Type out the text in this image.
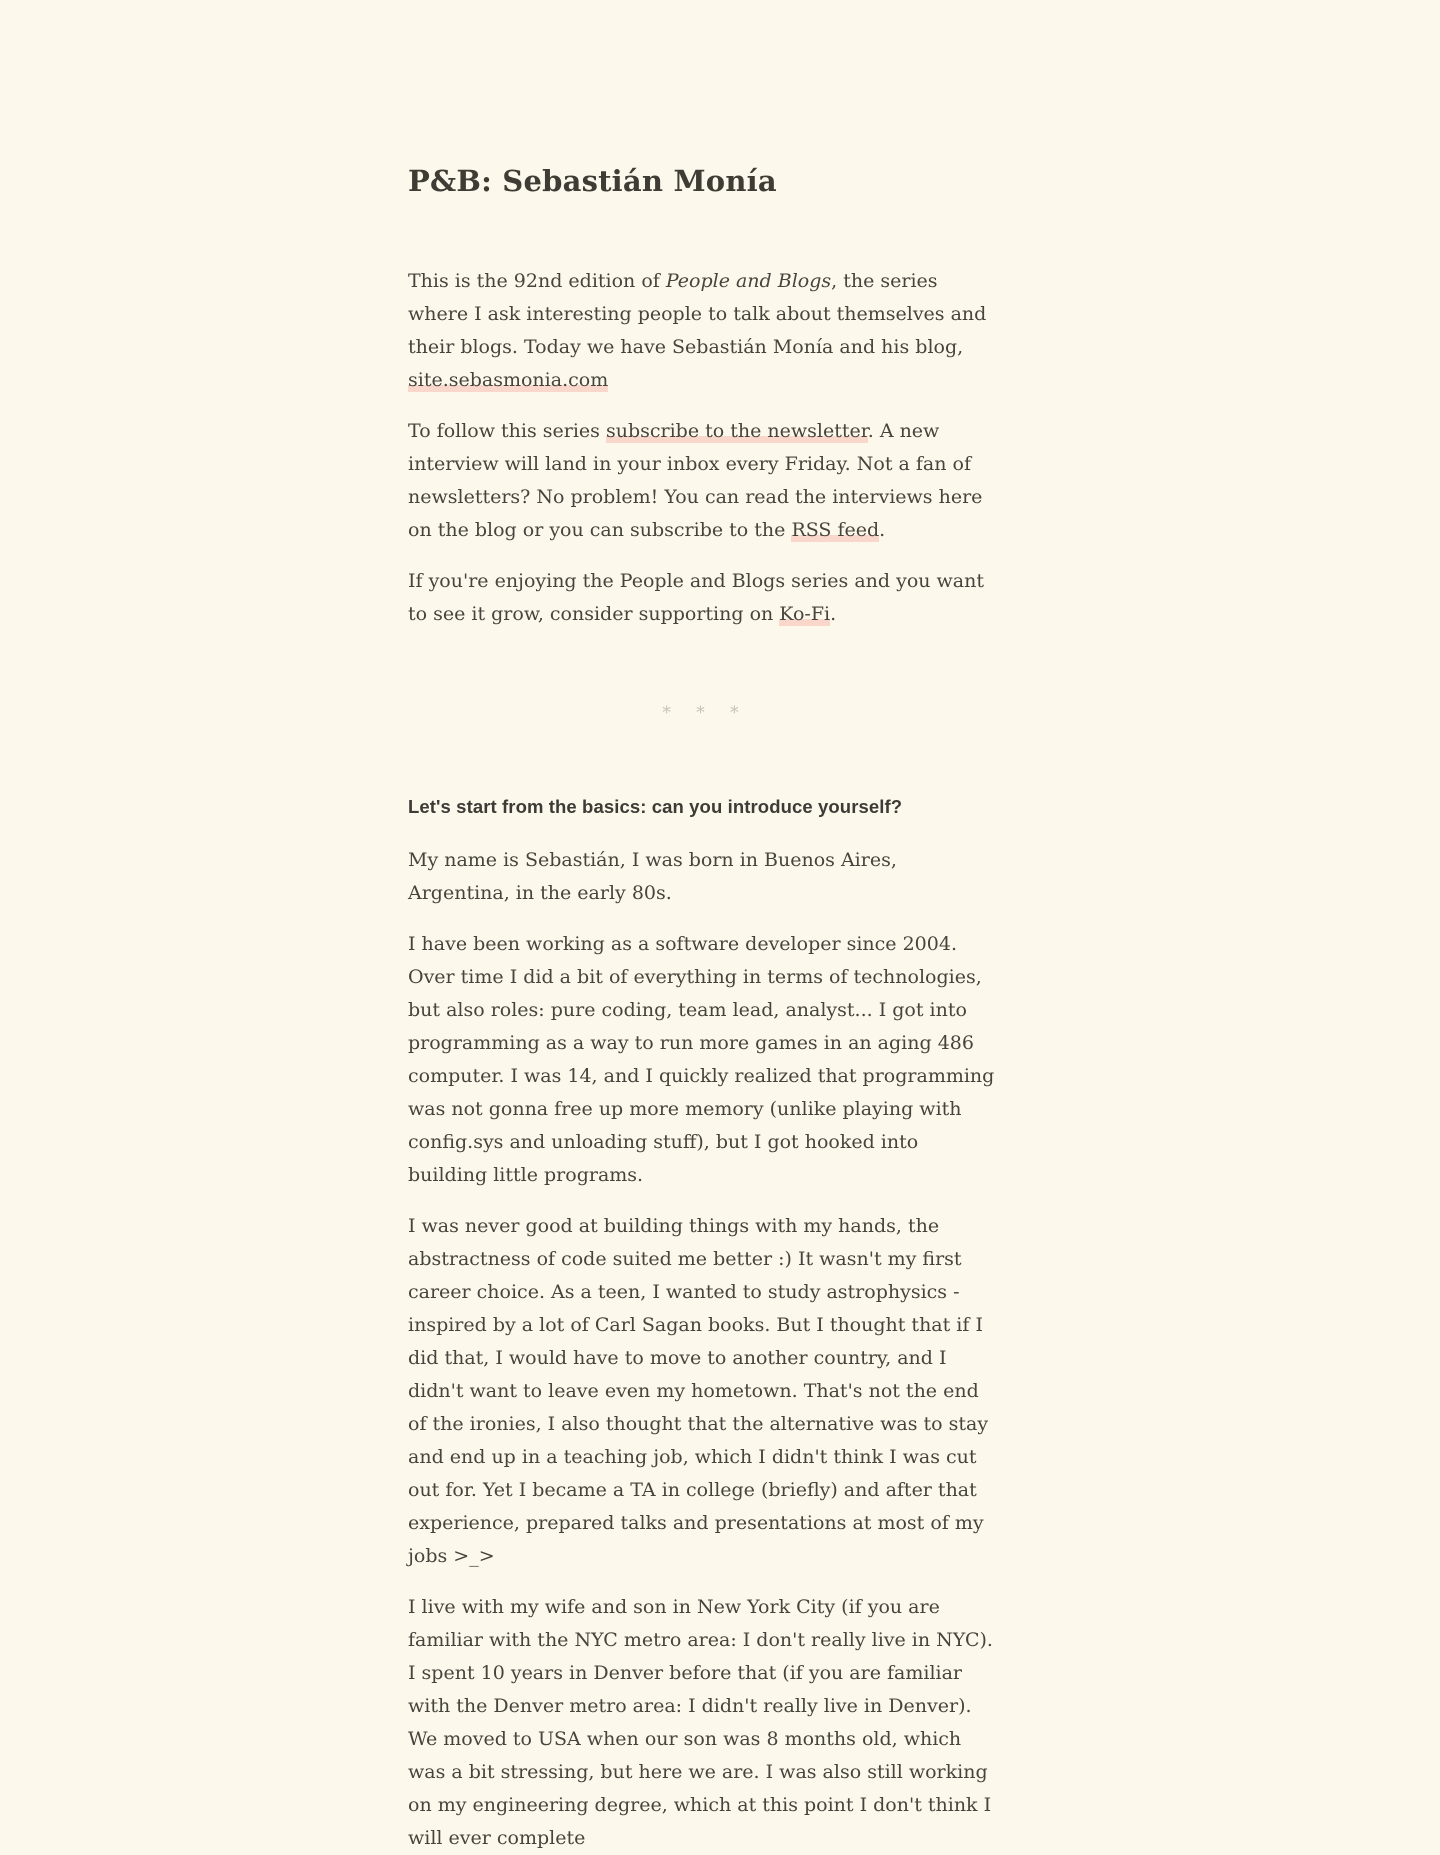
P&B: Sebastián Monía

This is the 92nd edition of People and Blogs, the series where I ask interesting people to talk about themselves and their blogs. Today we have Sebastián Monía and his blog, site.sebasmonia.com

To follow this series subscribe to the newsletter. A new interview will land in your inbox every Friday. Not a fan of newsletters? No problem! You can read the interviews here on the blog or you can subscribe to the RSS feed.

If you're enjoying the People and Blogs series and you want to see it grow, consider supporting on Ko-Fi.

* * *
Let's start from the basics: can you introduce yourself?

My name is Sebastián, I was born in Buenos Aires, Argentina, in the early 80s.

I have been working as a software developer since 2004. Over time I did a bit of everything in terms of technologies, but also roles: pure coding, team lead, analyst... I got into programming as a way to run more games in an aging 486 computer. I was 14, and I quickly realized that programming was not gonna free up more memory (unlike playing with config.sys and unloading stuff), but I got hooked into building little programs.

I was never good at building things with my hands, the abstractness of code suited me better :) It wasn't my first career choice. As a teen, I wanted to study astrophysics - inspired by a lot of Carl Sagan books. But I thought that if I did that, I would have to move to another country, and I didn't want to leave even my hometown. That's not the end of the ironies, I also thought that the alternative was to stay and end up in a teaching job, which I didn't think I was cut out for. Yet I became a TA in college (briefly) and after that experience, prepared talks and presentations at most of my jobs >_>

I live with my wife and son in New York City (if you are familiar with the NYC metro area: I don't really live in NYC). I spent 10 years in Denver before that (if you are familiar with the Denver metro area: I didn't really live in Denver). We moved to USA when our son was 8 months old, which was a bit stressing, but here we are. I was also still working on my engineering degree, which at this point I don't think I will ever complete
